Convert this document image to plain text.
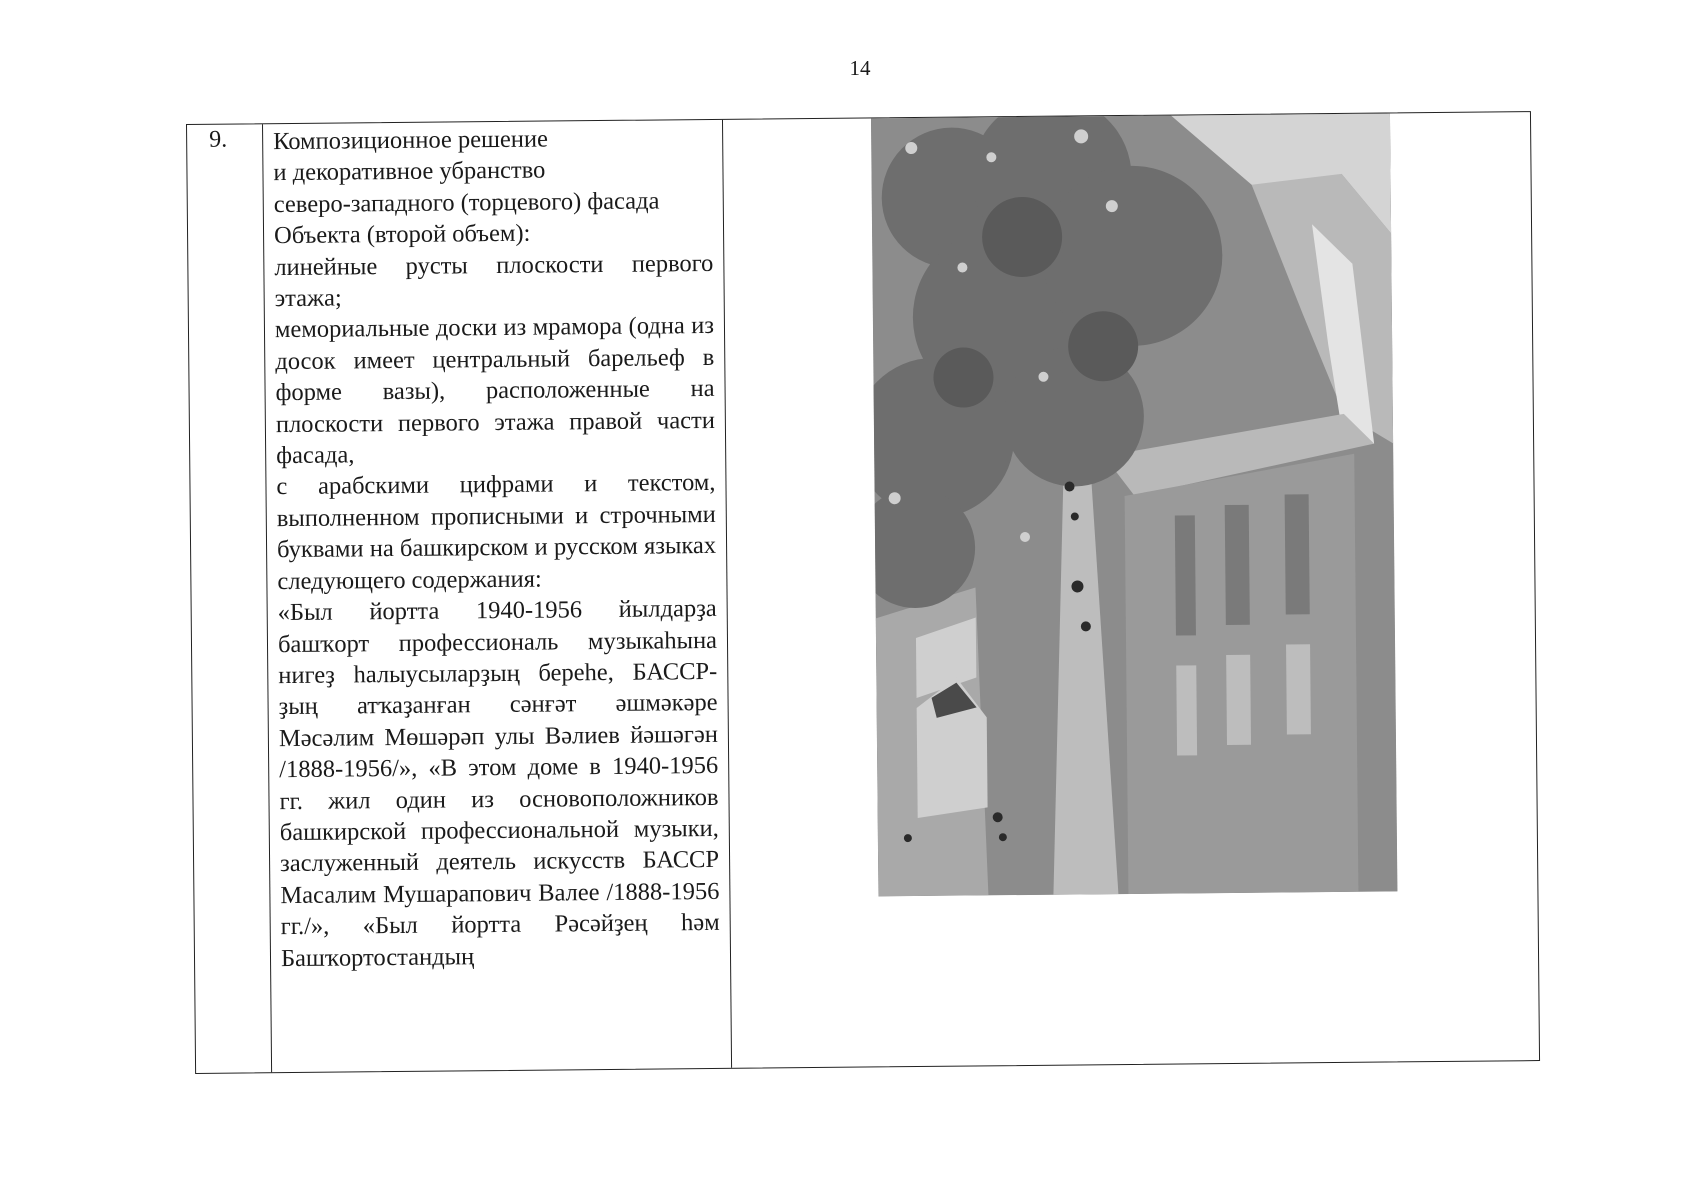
14
9.	Композиционное решение

и декоративное убранство

северо-западного (торцевого) фасада

Объекта (второй объем):

линейные русты плоскости первого этажа;

мемориальные доски из мрамора (одна из досок имеет центральный барельеф в форме вазы), расположенные на плоскости первого этажа правой части фасада,

с арабскими цифрами и текстом, выполненном прописными и строчными буквами на башкирском и русском языках следующего содержания:

«Был йортта 1940-1956 йылдарҙа башҡорт профессиональ музыкаһына нигеҙ һалыусыларҙың береһе, БАССР-ҙың атҡаҙанған сәнғәт әшмәкәре Мәсәлим Мөшәрәп улы Вәлиев йәшәгән /1888-1956/», «В этом доме в 1940-1956 гг. жил один из основоположников башкирской профессиональной музыки, заслуженный деятель искусств БАССР Масалим Мушарапович Валее /1888-1956 гг./», «Был йортта Рәсәйҙең һәм Башҡортостандың
